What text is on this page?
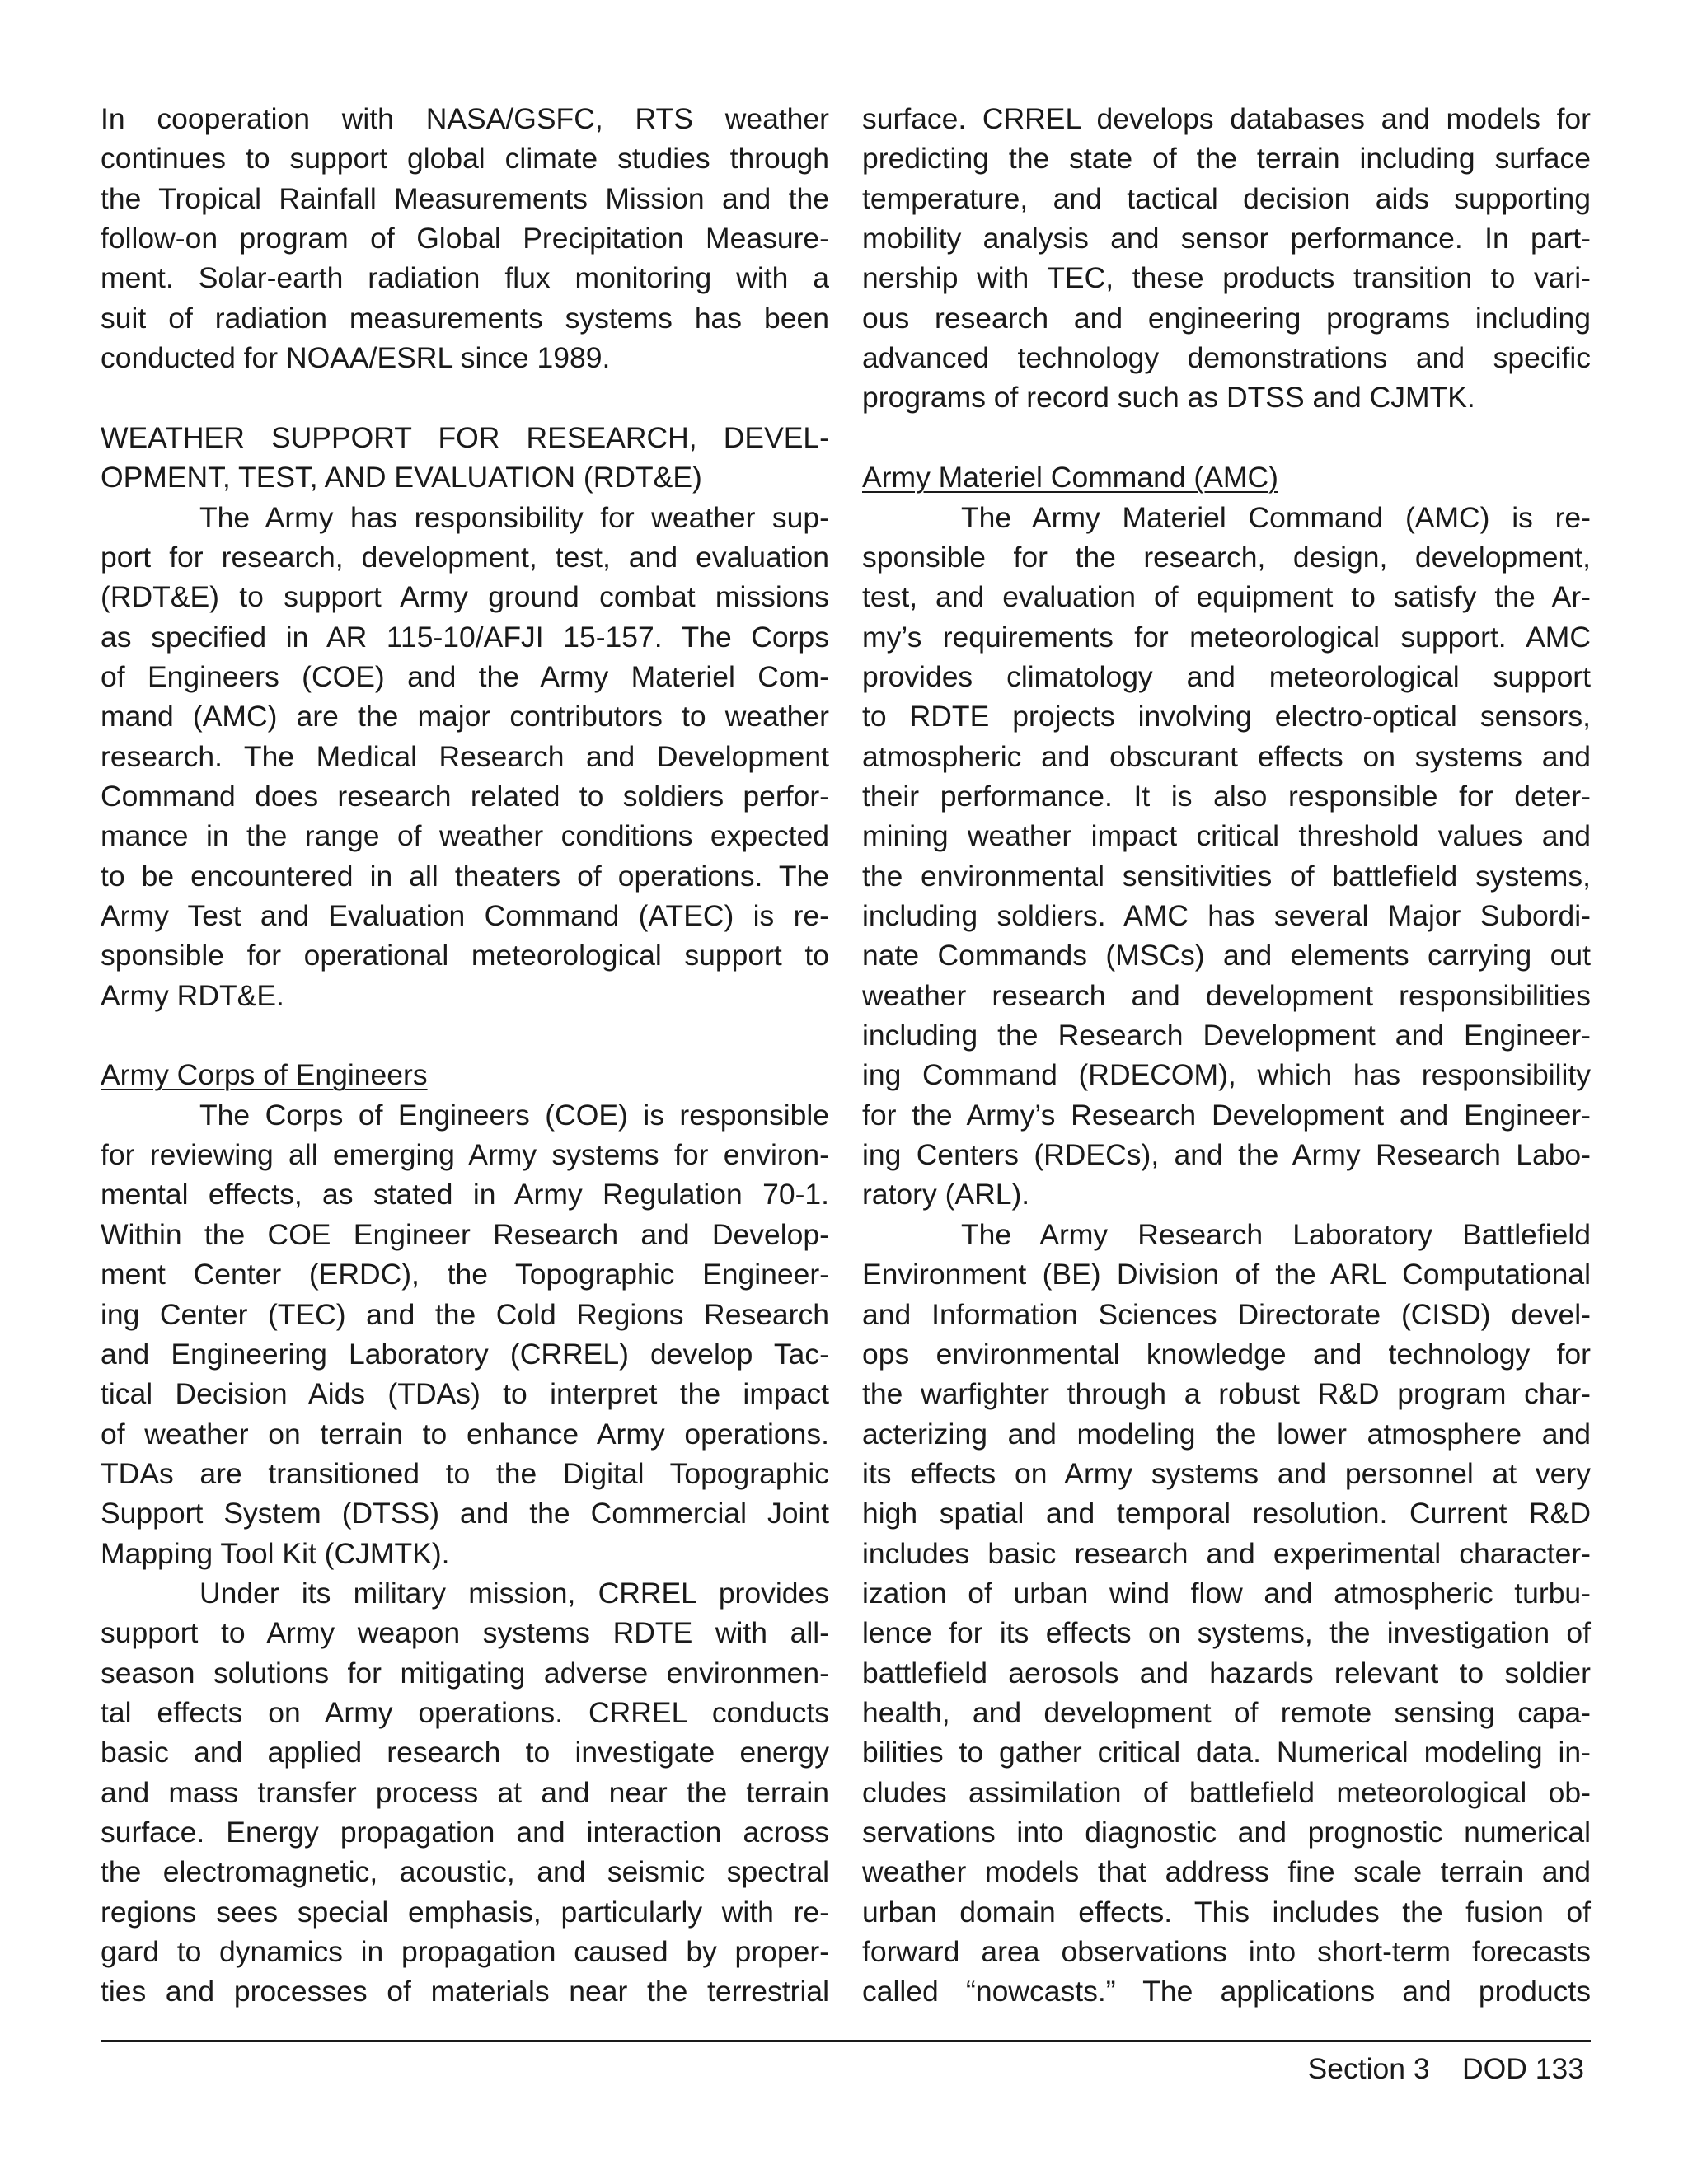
In cooperation with NASA/GSFC, RTS weather
continues to support global climate studies through
the Tropical Rainfall Measurements Mission and the
follow-on program of Global Precipitation Measure-
ment. Solar-earth radiation flux monitoring with a
suit of radiation measurements systems has been
conducted for NOAA/ESRL since 1989.
WEATHER SUPPORT FOR RESEARCH, DEVEL-
OPMENT, TEST, AND EVALUATION (RDT&E)
The Army has responsibility for weather sup-
port for research, development, test, and evaluation
(RDT&E) to support Army ground combat missions
as specified in AR 115-10/AFJI 15-157. The Corps
of Engineers (COE) and the Army Materiel Com-
mand (AMC) are the major contributors to weather
research. The Medical Research and Development
Command does research related to soldiers perfor-
mance in the range of weather conditions expected
to be encountered in all theaters of operations. The
Army Test and Evaluation Command (ATEC) is re-
sponsible for operational meteorological support to
Army RDT&E.
Army Corps of Engineers
The Corps of Engineers (COE) is responsible
for reviewing all emerging Army systems for environ-
mental effects, as stated in Army Regulation 70-1.
Within the COE Engineer Research and Develop-
ment Center (ERDC), the Topographic Engineer-
ing Center (TEC) and the Cold Regions Research
and Engineering Laboratory (CRREL) develop Tac-
tical Decision Aids (TDAs) to interpret the impact
of weather on terrain to enhance Army operations.
TDAs are transitioned to the Digital Topographic
Support System (DTSS) and the Commercial Joint
Mapping Tool Kit (CJMTK).
Under its military mission, CRREL provides
support to Army weapon systems RDTE with all-
season solutions for mitigating adverse environmen-
tal effects on Army operations. CRREL conducts
basic and applied research to investigate energy
and mass transfer process at and near the terrain
surface. Energy propagation and interaction across
the electromagnetic, acoustic, and seismic spectral
regions sees special emphasis, particularly with re-
gard to dynamics in propagation caused by proper-
ties and processes of materials near the terrestrial
surface. CRREL develops databases and models for
predicting the state of the terrain including surface
temperature, and tactical decision aids supporting
mobility analysis and sensor performance. In part-
nership with TEC, these products transition to vari-
ous research and engineering programs including
advanced technology demonstrations and specific
programs of record such as DTSS and CJMTK.
Army Materiel Command (AMC)
The Army Materiel Command (AMC) is re-
sponsible for the research, design, development,
test, and evaluation of equipment to satisfy the Ar-
my’s requirements for meteorological support. AMC
provides climatology and meteorological support
to RDTE projects involving electro-optical sensors,
atmospheric and obscurant effects on systems and
their performance. It is also responsible for deter-
mining weather impact critical threshold values and
the environmental sensitivities of battlefield systems,
including soldiers. AMC has several Major Subordi-
nate Commands (MSCs) and elements carrying out
weather research and development responsibilities
including the Research Development and Engineer-
ing Command (RDECOM), which has responsibility
for the Army’s Research Development and Engineer-
ing Centers (RDECs), and the Army Research Labo-
ratory (ARL).
The Army Research Laboratory Battlefield
Environment (BE) Division of the ARL Computational
and Information Sciences Directorate (CISD) devel-
ops environmental knowledge and technology for
the warfighter through a robust R&D program char-
acterizing and modeling the lower atmosphere and
its effects on Army systems and personnel at very
high spatial and temporal resolution. Current R&D
includes basic research and experimental character-
ization of urban wind flow and atmospheric turbu-
lence for its effects on systems, the investigation of
battlefield aerosols and hazards relevant to soldier
health, and development of remote sensing capa-
bilities to gather critical data. Numerical modeling in-
cludes assimilation of battlefield meteorological ob-
servations into diagnostic and prognostic numerical
weather models that address fine scale terrain and
urban domain effects. This includes the fusion of
forward area observations into short-term forecasts
called “nowcasts.” The applications and products
Section 3    DOD 133
